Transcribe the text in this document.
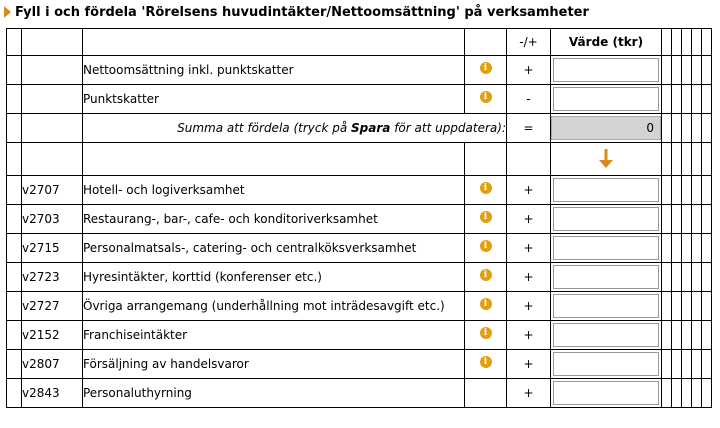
Fyll i och fördela 'Rörelsens huvudintäkter/Nettoomsättning' på verksamheter
				-/+	Värde (tkr)					
		Nettoomsättning inkl. punktskatter	i	+	

		Punktskatter	i	-	

		Summa att fördela (tryck på Spara för att uppdatera):		=	0					

	v2707	Hotell- och logiverksamhet	i	+	

	v2703	Restaurang-, bar-, cafe- och konditoriverksamhet	i	+	

	v2715	Personalmatsals-, catering- och centralköksverksamhet	i	+	

	v2723	Hyresintäkter, korttid (konferenser etc.)	i	+	

	v2727	Övriga arrangemang (underhållning mot inträdesavgift etc.)	i	+	

	v2152	Franchiseintäkter	i	+	

	v2807	Försäljning av handelsvaror	i	+	

	v2843	Personaluthyrning		+	
